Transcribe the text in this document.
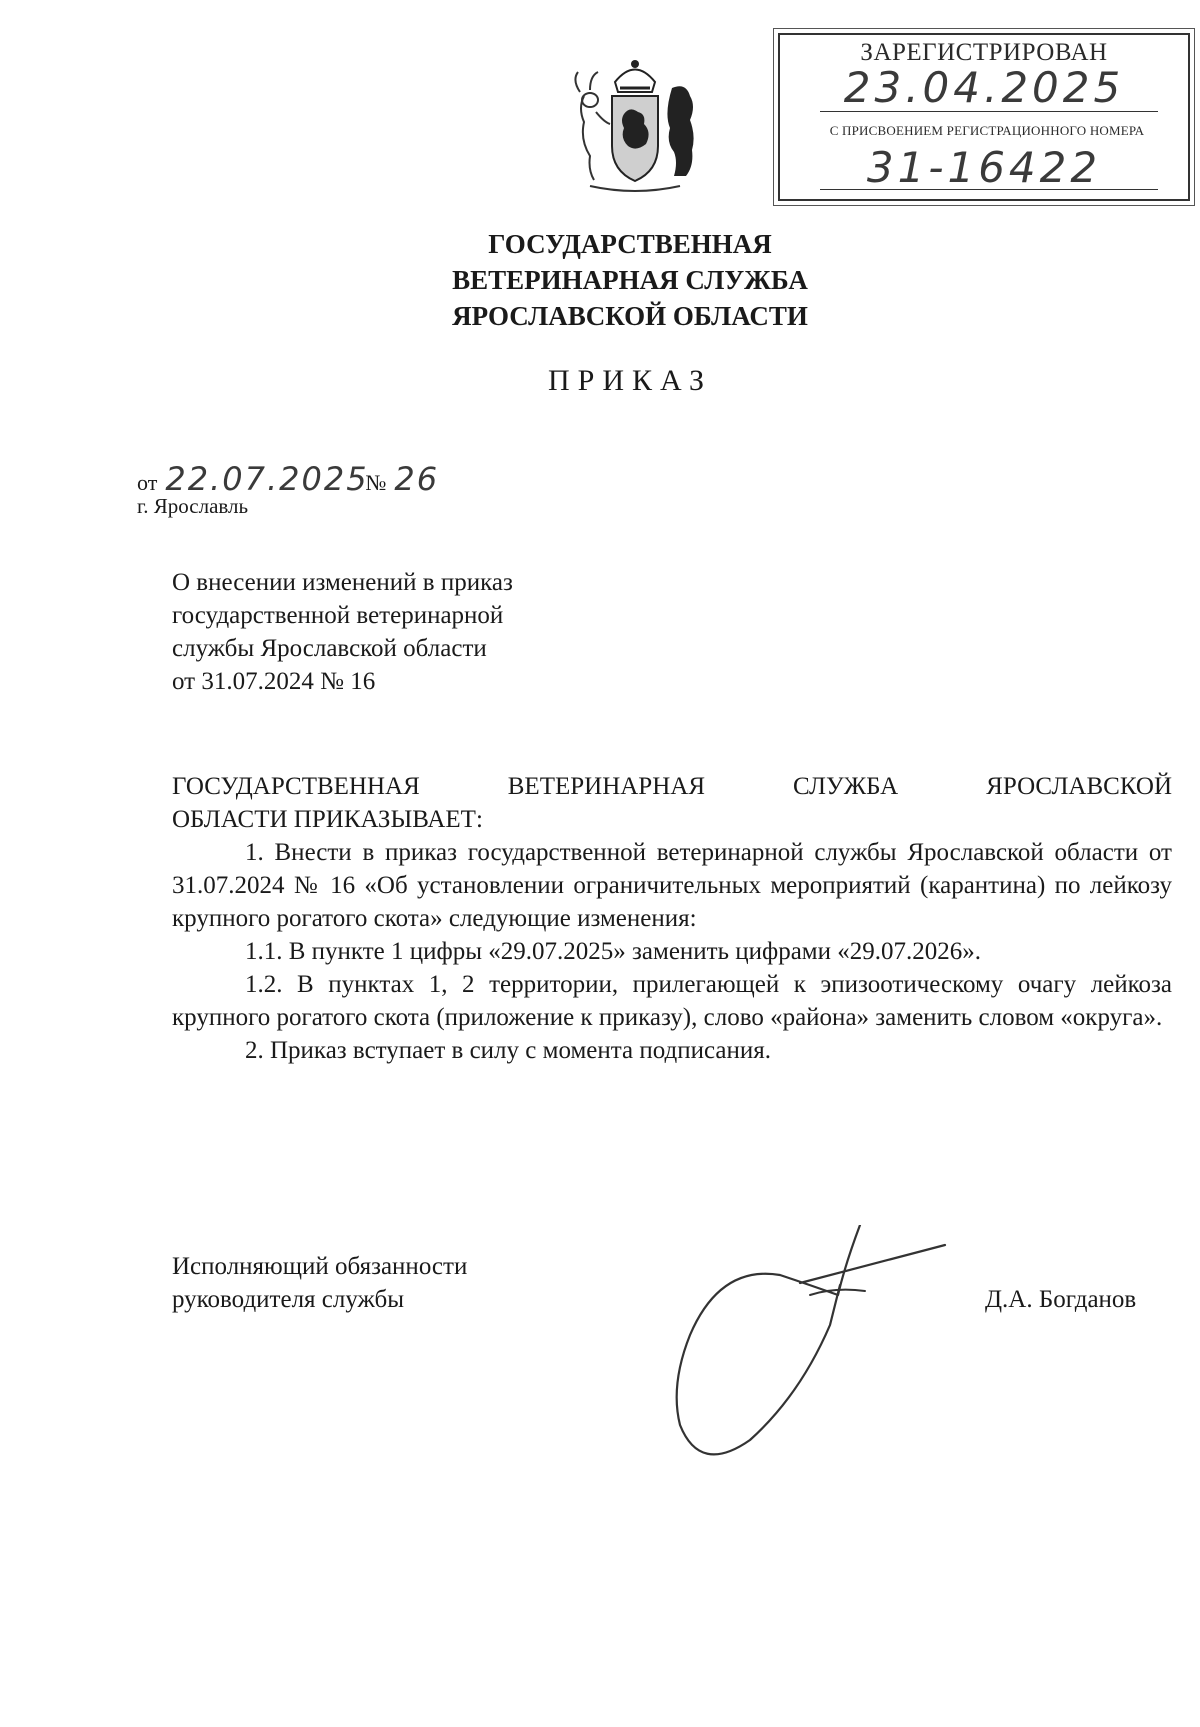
ЗАРЕГИСТРИРОВАН
23.04.2025
С ПРИСВОЕНИЕМ РЕГИСТРАЦИОННОГО НОМЕРА
31-16422
ГОСУДАРСТВЕННАЯ
ВЕТЕРИНАРНАЯ СЛУЖБА
ЯРОСЛАВСКОЙ ОБЛАСТИ
ПРИКАЗ
от 22.07.2025№ 26
г. Ярославль
О внесении изменений в приказ
государственной ветеринарной
службы Ярославской области
от 31.07.2024 № 16

ГОСУДАРСТВЕННАЯ ВЕТЕРИНАРНАЯ СЛУЖБА ЯРОСЛАВСКОЙ

ОБЛАСТИ ПРИКАЗЫВАЕТ:

1. Внести в приказ государственной ветеринарной службы Ярославской области от 31.07.2024 № 16 «Об установлении ограничительных мероприятий (карантина) по лейкозу крупного рогатого скота» следующие изменения:

1.1. В пункте 1 цифры «29.07.2025» заменить цифрами «29.07.2026».

1.2. В пунктах 1, 2 территории, прилегающей к эпизоотическому очагу лейкоза крупного рогатого скота (приложение к приказу), слово «района» заменить словом «округа».

2. Приказ вступает в силу с момента подписания.

Исполняющий обязанности
руководителя службы	Д.А. Богданов
